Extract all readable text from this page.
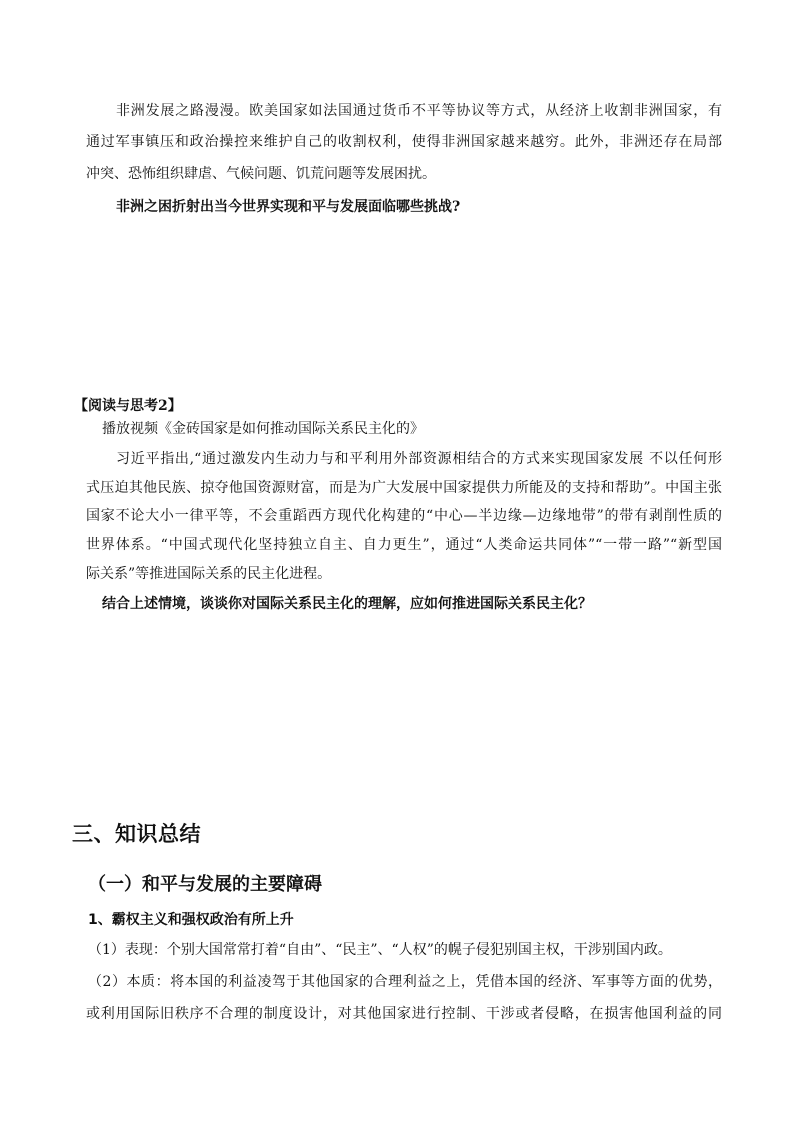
非洲发展之路漫漫。欧美国家如法国通过货币不平等协议等方式，从经济上收割非洲国家，有
通过军事镇压和政治操控来维护自己的收割权利，使得非洲国家越来越穷。此外，非洲还存在局部
冲突、恐怖组织肆虐、气候问题、饥荒问题等发展困扰。
非洲之困折射出当今世界实现和平与发展面临哪些挑战?
【阅读与思考2】
播放视频《金砖国家是如何推动国际关系民主化的》
习近平指出,“通过激发内生动力与和平利用外部资源相结合的方式来实现国家发展 不以任何形
式压迫其他民族、掠夺他国资源财富，而是为广大发展中国家提供力所能及的支持和帮助”。中国主张
国家不论大小一律平等，不会重蹈西方现代化构建的“中心—半边缘—边缘地带”的带有剥削性质的
世界体系。“中国式现代化坚持独立自主、自力更生”，通过“人类命运共同体”“一带一路”“新型国
际关系”等推进国际关系的民主化进程。
结合上述情境，谈谈你对国际关系民主化的理解，应如何推进国际关系民主化？
三、知识总结
（一）和平与发展的主要障碍
1、霸权主义和强权政治有所上升
（1）表现：个别大国常常打着“自由”、“民主”、“人权”的幌子侵犯别国主权，干涉别国内政。
（2）本质：将本国的利益凌驾于其他国家的合理利益之上，凭借本国的经济、军事等方面的优势，
或利用国际旧秩序不合理的制度设计，对其他国家进行控制、干涉或者侵略，在损害他国利益的同
